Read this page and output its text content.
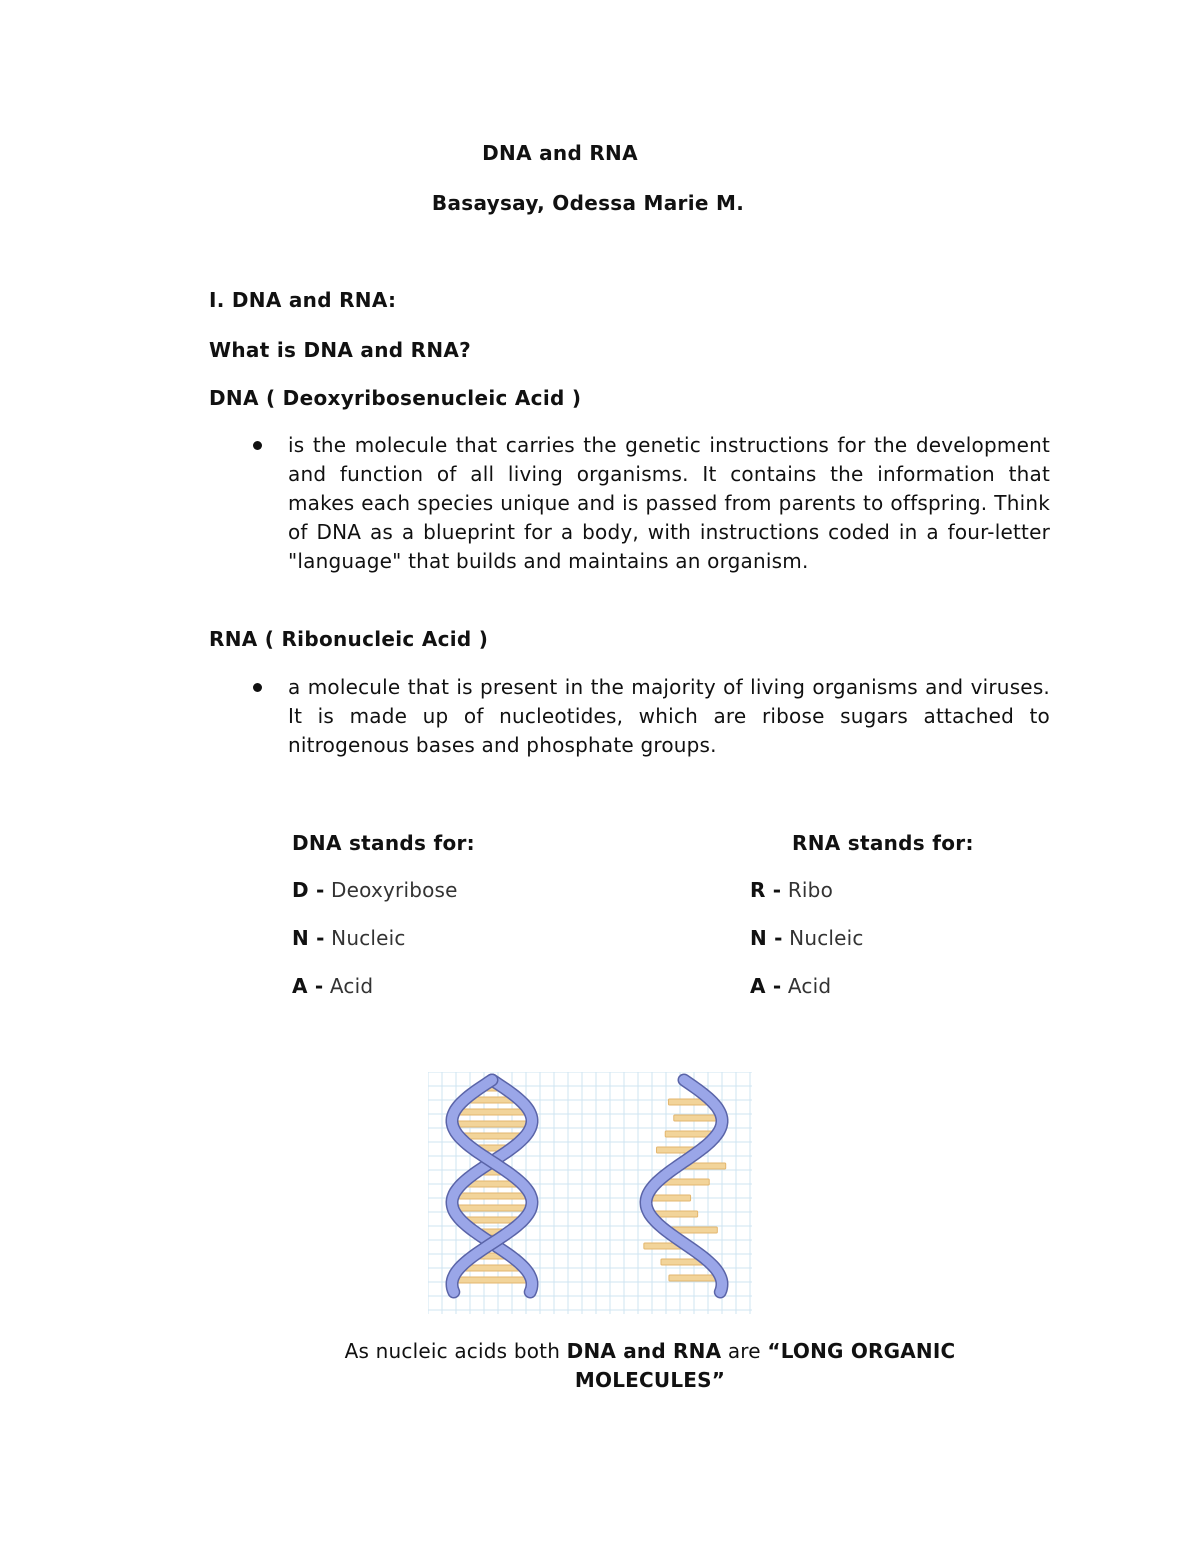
DNA and RNA
Basaysay, Odessa Marie M.
I. DNA and RNA:
What is DNA and RNA?
DNA ( Deoxyribosenucleic Acid )
is the molecule that carries the genetic instructions for the development and function of all living organisms. It contains the information that makes each species unique and is passed from parents to offspring. Think of DNA as a blueprint for a body, with instructions coded in a four-letter "language" that builds and maintains an organism.
RNA ( Ribonucleic Acid )
a molecule that is present in the majority of living organisms and viruses. It is made up of nucleotides, which are ribose sugars attached to nitrogenous bases and phosphate groups.
DNA stands for:
D - Deoxyribose
N - Nucleic
A - Acid
RNA stands for:
R - Ribo
N - Nucleic
A - Acid
As nucleic acids both DNA and RNA are “LONG ORGANIC MOLECULES”
